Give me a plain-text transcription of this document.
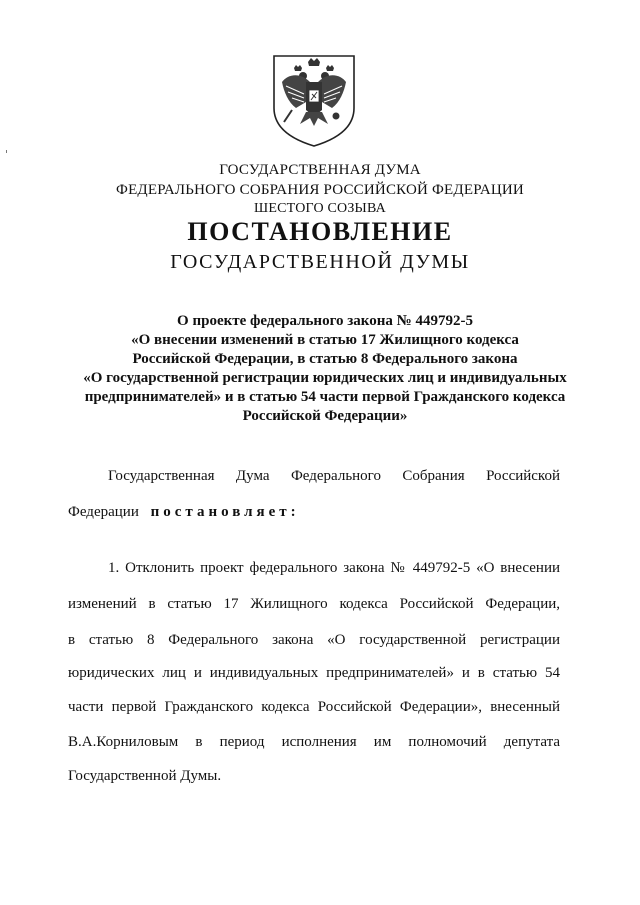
ГОСУДАРСТВЕННАЯ ДУМА
ФЕДЕРАЛЬНОГО СОБРАНИЯ РОССИЙСКОЙ ФЕДЕРАЦИИ
ШЕСТОГО СОЗЫВА
ПОСТАНОВЛЕНИЕ
ГОСУДАРСТВЕННОЙ ДУМЫ
О проекте федерального закона № 449792-5
«О внесении изменений в статью 17 Жилищного кодекса
Российской Федерации, в статью 8 Федерального закона
«О государственной регистрации юридических лиц и индивидуальных
предпринимателей» и в статью 54 части первой Гражданского кодекса
Российской Федерации»
Государственная Дума Федерального Собрания Российской
Федерации постановляет:
1. Отклонить проект федерального закона № 449792-5 «О внесении
изменений в статью 17 Жилищного кодекса Российской Федерации,
в статью 8 Федерального закона «О государственной регистрации
юридических лиц и индивидуальных предпринимателей» и в статью 54
части первой Гражданского кодекса Российской Федерации», внесенный
В.А.Корниловым в период исполнения им полномочий депутата
Государственной Думы.
